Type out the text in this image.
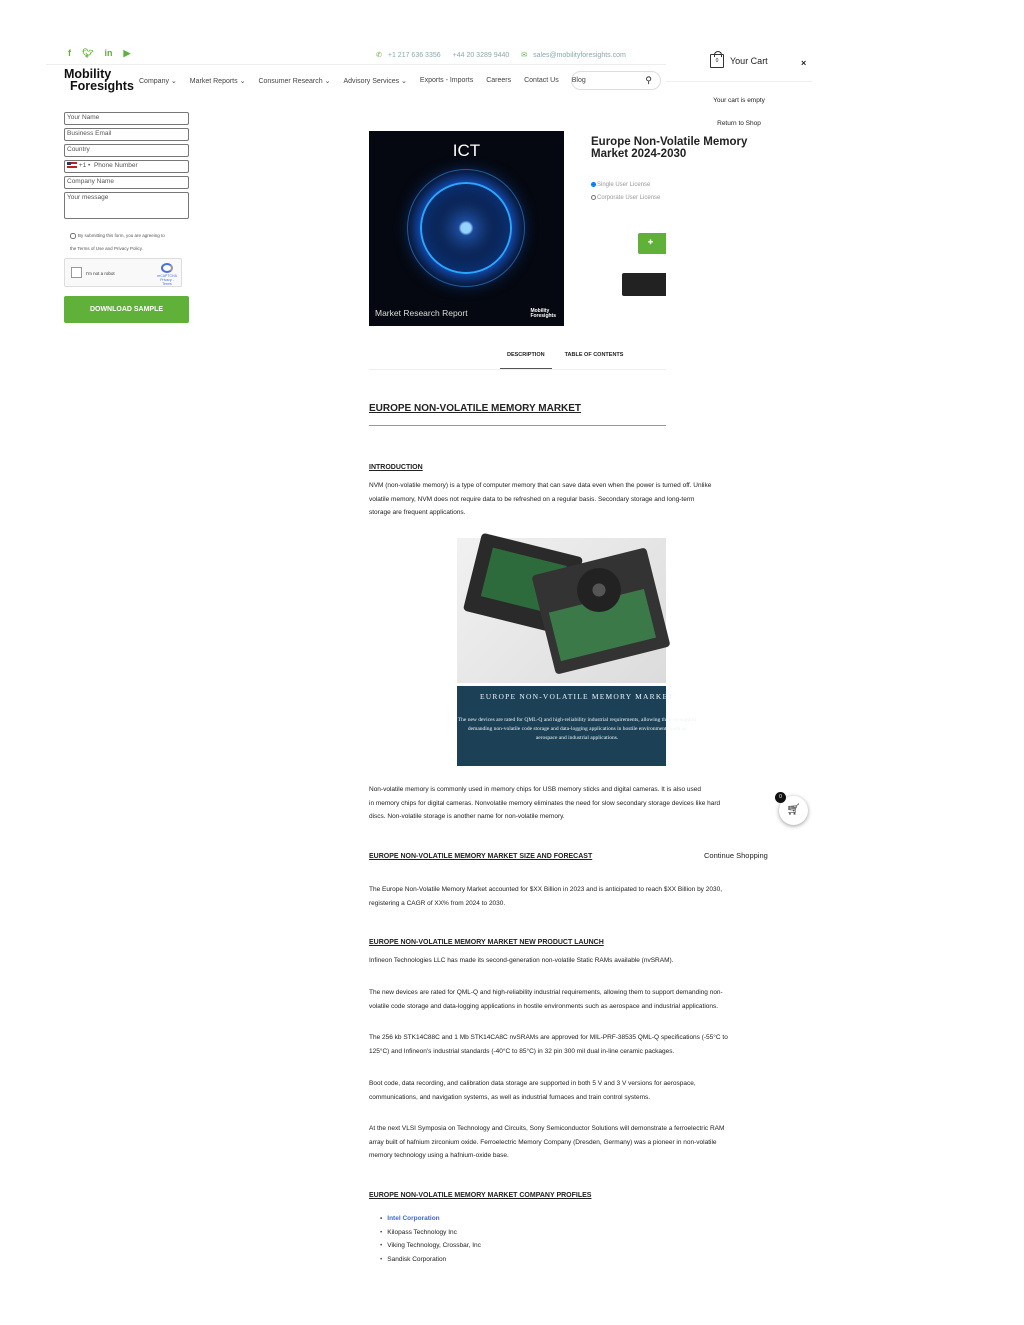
f 🐦︎ in ▶	✆ +1 217 636 3356 +44 20 3289 9440 ✉ sales@mobilityforesights.com
Mobility
Foresights Company ⌄ Market Reports ⌄ Consumer Research ⌄ Advisory Services ⌄ Exports - Imports Careers Contact Us Blog	⚲
Your Name
Business Email
Country
+1 • Phone Number
Company Name
Your message
By submitting this form, you are agreeing to
the Terms of Use and Privacy Policy.
I'm not a robot	reCAPTCHA
Privacy - Terms
DOWNLOAD SAMPLE
ICT
Market Research Report	Mobility
Foresights
Europe Non-Volatile Memory
Market 2024-2030
Single User License
Corporate User License
✚ Request
DESCRIPTION	TABLE OF CONTENTS
EUROPE NON-VOLATILE MEMORY MARKET
INTRODUCTION
NVM (non-volatile memory) is a type of computer memory that can save data even when the power is turned off. Unlike
volatile memory, NVM does not require data to be refreshed on a regular basis. Secondary storage and long-term
storage are frequent applications.
EUROPE NON-VOLATILE MEMORY MARKET
The new devices are rated for QML-Q and high-reliability industrial requirements, allowing them to support demanding non-volatile code storage and data-logging applications in hostile environments such as aerospace and industrial applications.
Non-volatile memory is commonly used in memory chips for USB memory sticks and digital cameras. It is also used
in memory chips for digital cameras. Nonvolatile memory eliminates the need for slow secondary storage devices like hard
discs. Non-volatile storage is another name for non-volatile memory.
EUROPE NON-VOLATILE MEMORY MARKET SIZE AND FORECAST
The Europe Non-Volatile Memory Market accounted for $XX Billion in 2023 and is anticipated to reach $XX Billion by 2030,
registering a CAGR of XX% from 2024 to 2030.
EUROPE NON-VOLATILE MEMORY MARKET NEW PRODUCT LAUNCH
Infineon Technologies LLC has made its second-generation non-volatile Static RAMs available (nvSRAM).
The new devices are rated for QML-Q and high-reliability industrial requirements, allowing them to support demanding non-
volatile code storage and data-logging applications in hostile environments such as aerospace and industrial applications.
The 256 kb STK14C88C and 1 Mb STK14CA8C nvSRAMs are approved for MIL-PRF-38535 QML-Q specifications (-55°C to
125°C) and Infineon's industrial standards (-40°C to 85°C) in 32 pin 300 mil dual in-line ceramic packages.
Boot code, data recording, and calibration data storage are supported in both 5 V and 3 V versions for aerospace,
communications, and navigation systems, as well as industrial furnaces and train control systems.
At the next VLSI Symposia on Technology and Circuits, Sony Semiconductor Solutions will demonstrate a ferroelectric RAM
array built of hafnium zirconium oxide. Ferroelectric Memory Company (Dresden, Germany) was a pioneer in non-volatile
memory technology using a hafnium-oxide base.
EUROPE NON-VOLATILE MEMORY MARKET COMPANY PROFILES
• Intel Corporation
• Kilopass Technology Inc
• Viking Technology, Crossbar, Inc
• Sandisk Corporation
0	Your Cart	×
Your cart is empty
Return to Shop
Continue Shopping
🛒︎
0
